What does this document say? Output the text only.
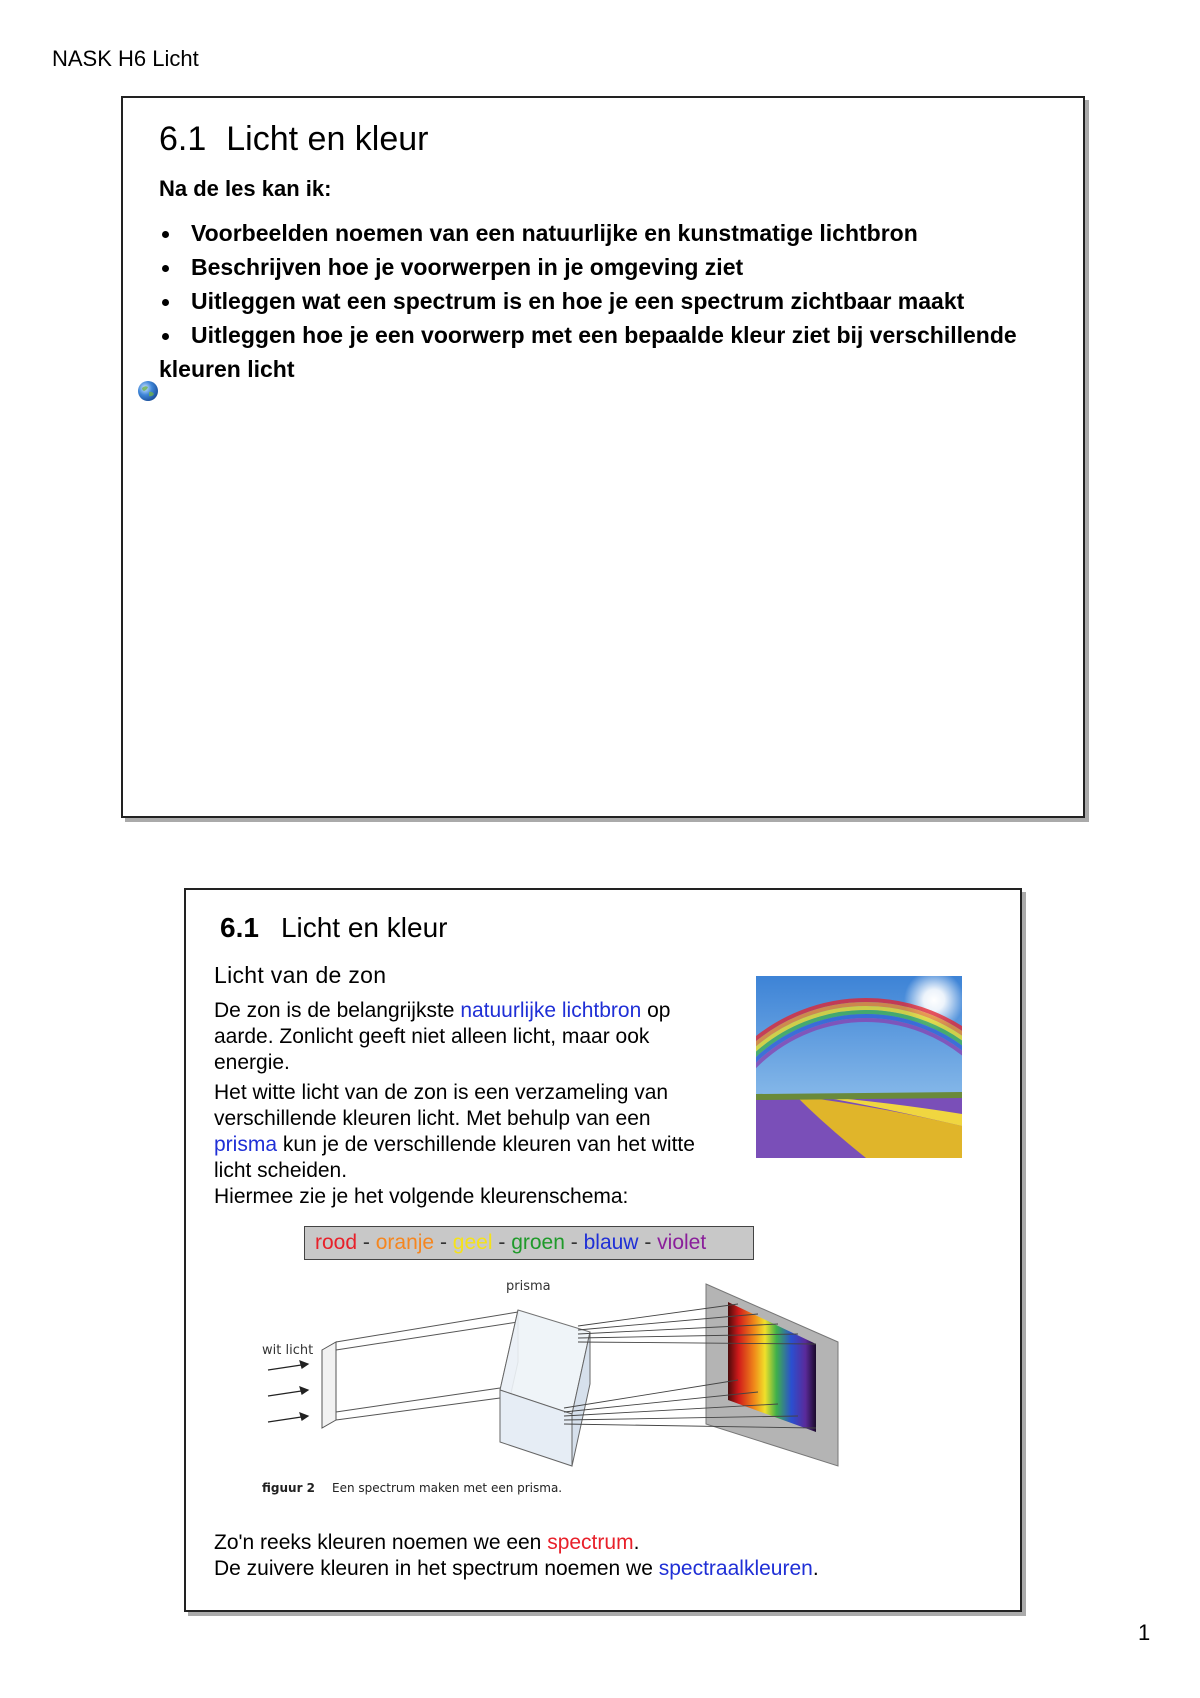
NASK H6 Licht
6.1 Licht en kleur
Na de les kan ik:
Voorbeelden noemen van een natuurlijke en kunstmatige lichtbron
Beschrijven hoe je voorwerpen in je omgeving ziet
Uitleggen wat een spectrum is en hoe je een spectrum zichtbaar maakt
Uitleggen hoe je een voorwerp met een bepaalde kleur ziet bij verschillende kleuren licht
6.1 Licht en kleur
Licht van de zon
De zon is de belangrijkste natuurlijke lichtbron op aarde. Zonlicht geeft niet alleen licht, maar ook energie.
Het witte licht van de zon is een verzameling van verschillende kleuren licht. Met behulp van een prisma kun je de verschillende kleuren van het witte licht scheiden.
Hiermee zie je het volgende kleurenschema:
rood - oranje - geel - groen - blauw - violet
prisma
wit licht
figuur 2 Een spectrum maken met een prisma.
Zo'n reeks kleuren noemen we een spectrum.
De zuivere kleuren in het spectrum noemen we spectraalkleuren.
1
